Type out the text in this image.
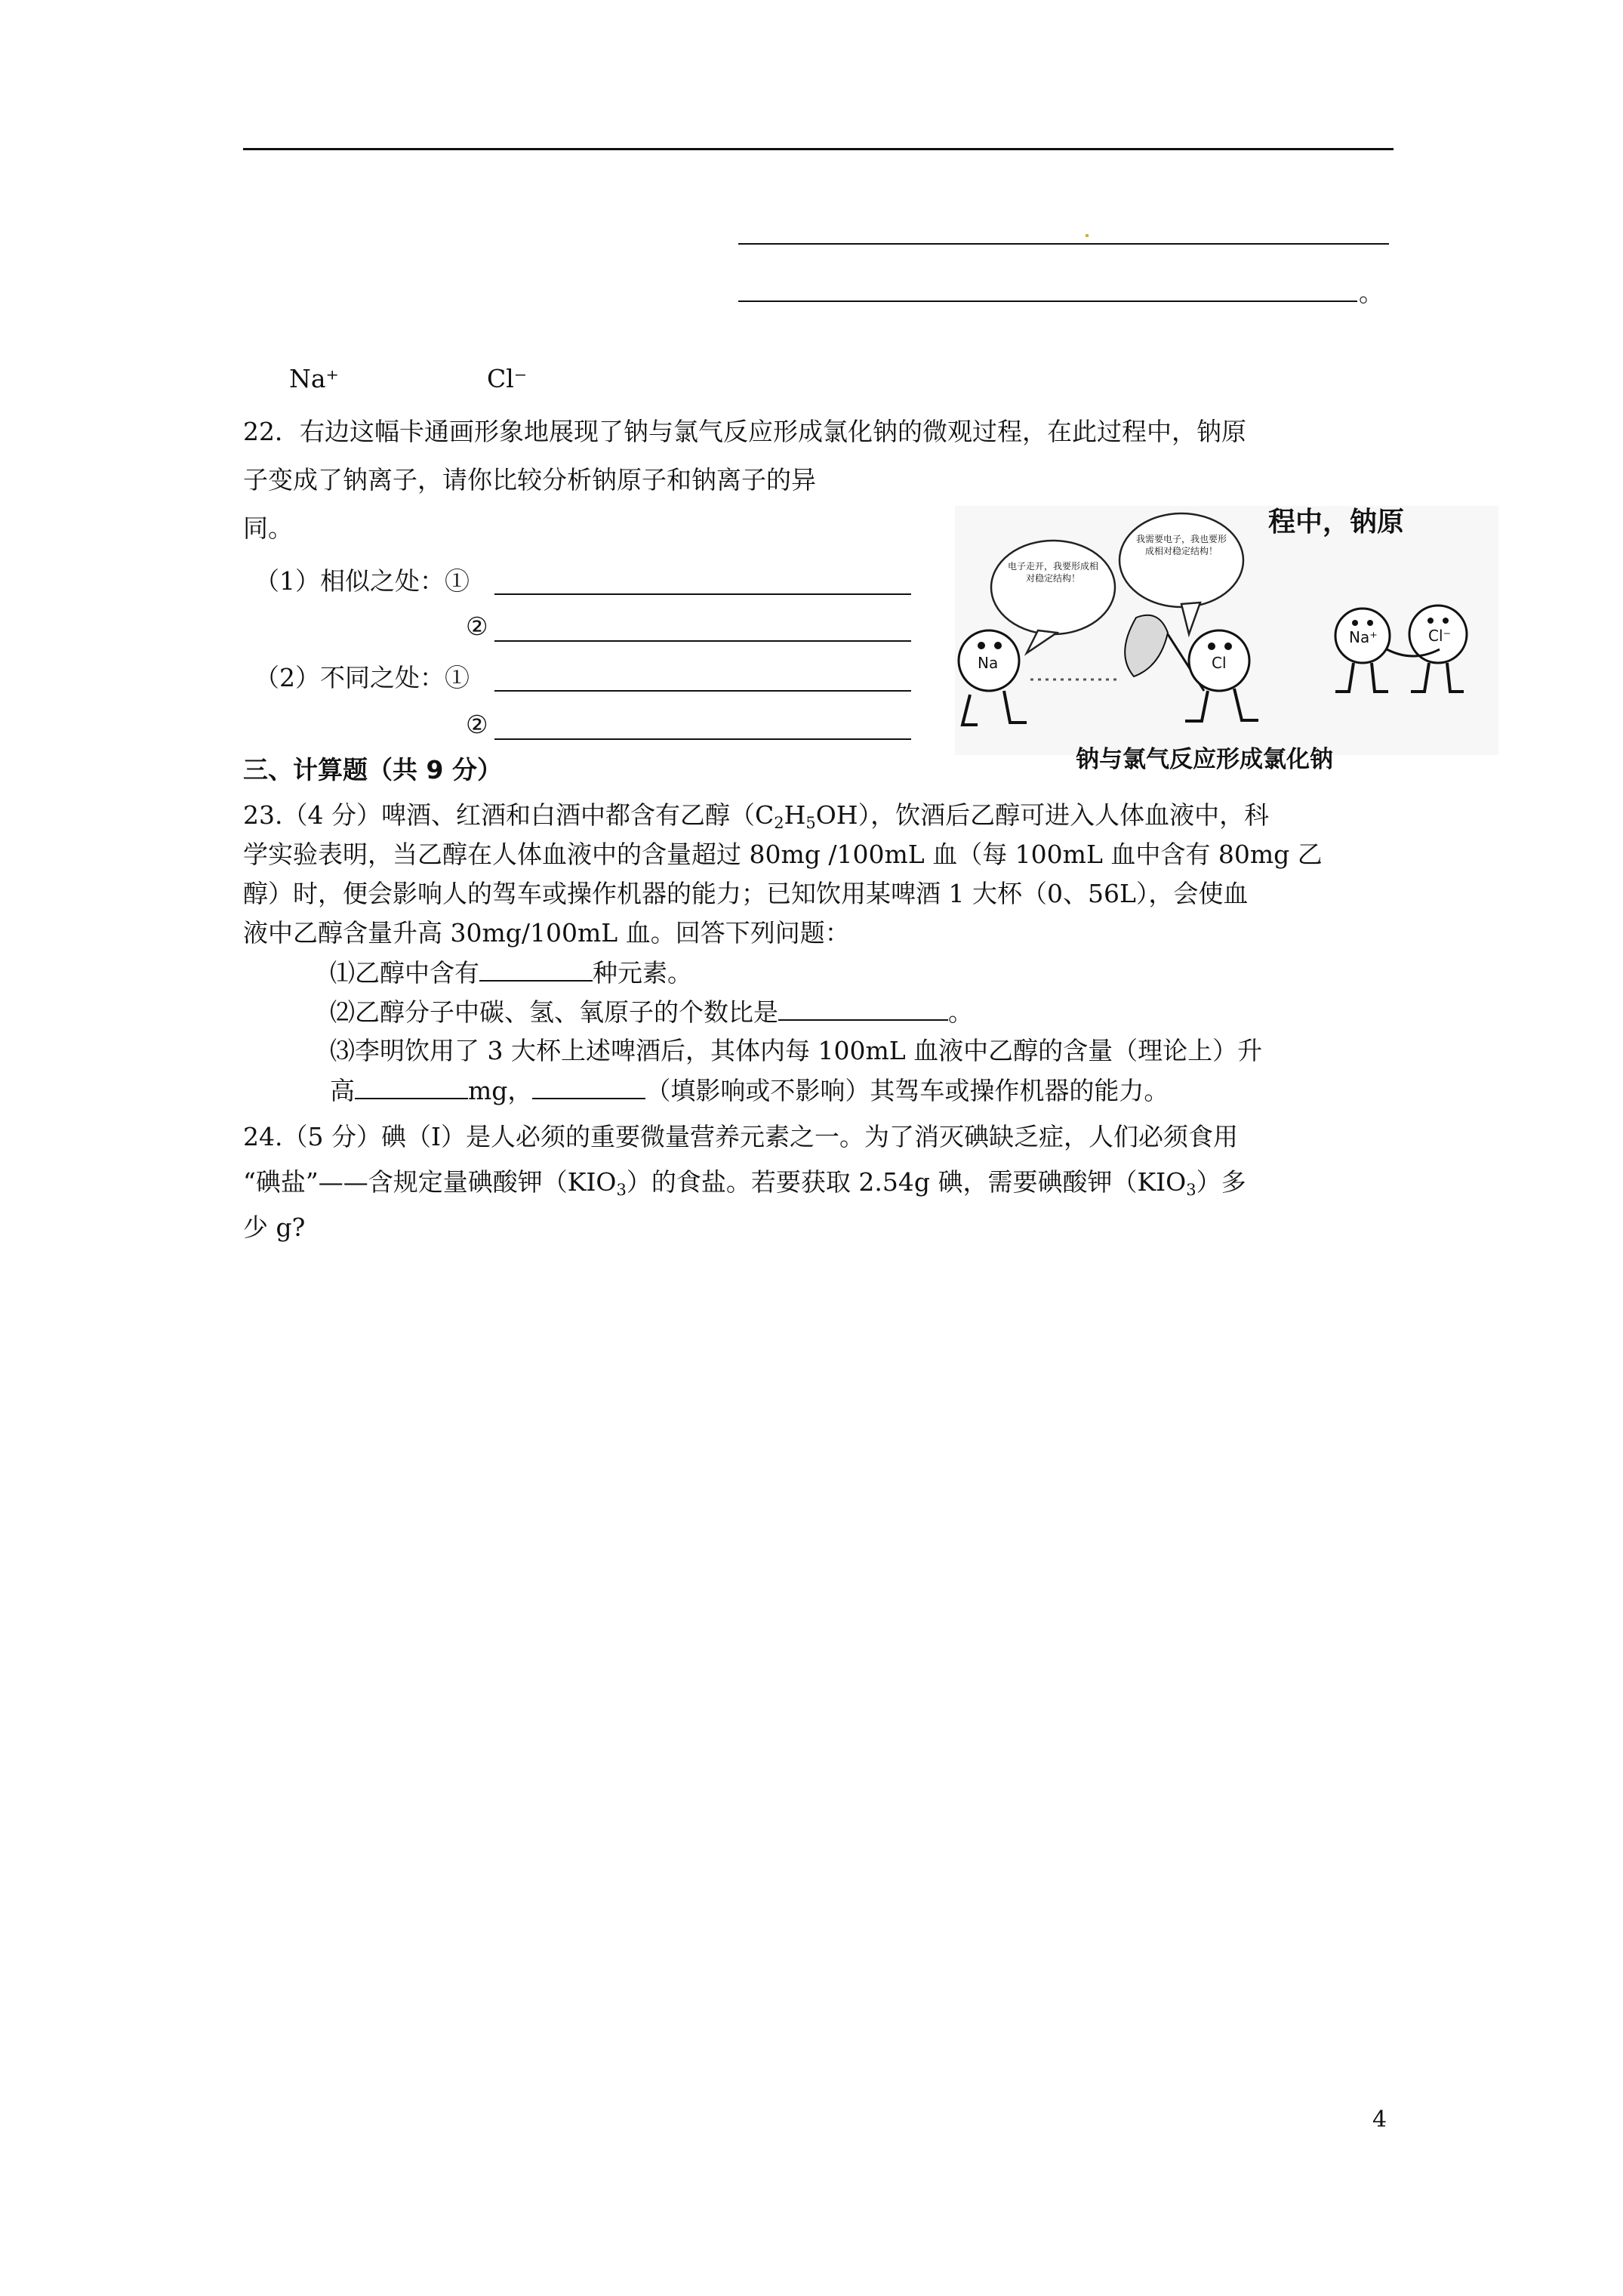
。
Na⁺	Cl⁻
22．右边这幅卡通画形象地展现了钠与氯气反应形成氯化钠的微观过程，在此过程中，钠原
子变成了钠离子，请你比较分析钠原子和钠离子的异
同。
（1）相似之处：①
②
（2）不同之处：①
②
程中，钠原
电子走开，我要形成相对稳定结构！
我需要电子，我也要形成相对稳定结构！
Na	Cl
Na⁺	Cl⁻
钠与氯气反应形成氯化钠
三、计算题（共 9 分）
23.（4 分）啤酒、红酒和白酒中都含有乙醇$(C_2H_5OH)$，饮酒后乙醇可进入人体血液中，科
学实验表明，当乙醇在人体血液中的含量超过 80mg /100mL 血（每 100mL 血中含有 80mg 乙
醇）时，便会影响人的驾车或操作机器的能力；已知饮用某啤酒 1 大杯（0、56L），会使血
液中乙醇含量升高 30mg/100mL 血。回答下列问题：
⑴乙醇中含有	种元素。
⑵乙醇分子中碳、氢、氧原子的个数比是	。
⑶李明饮用了 3 大杯上述啤酒后，其体内每 100mL 血液中乙醇的含量（理论上）升
高	mg，	（填影响或不影响）其驾车或操作机器的能力。
24.（5 分）碘（I）是人必须的重要微量营养元素之一。为了消灭碘缺乏症，人们必须食用
“碘盐”——含规定量碘酸钾$(KIO_3)$的食盐。若要获取 2.54g 碘，需要碘酸钾$(KIO_3)$多
少 g?
4
